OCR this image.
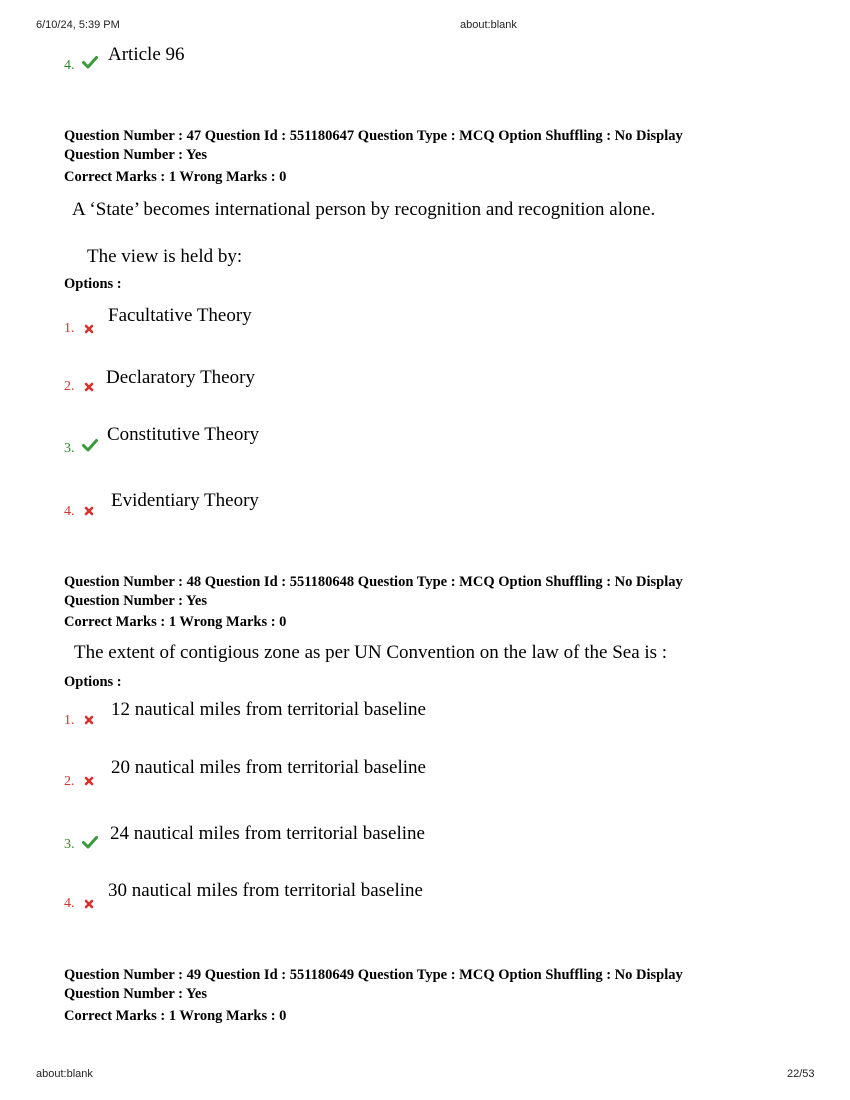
6/10/24, 5:39 PM	about:blank
4.
Article 96
Question Number : 47 Question Id : 551180647 Question Type : MCQ Option Shuffling : No Display
Question Number : Yes
Correct Marks : 1 Wrong Marks : 0
A ‘State’ becomes international person by recognition and recognition alone.
The view is held by:
Options :
1.
Facultative Theory
2. Declaratory Theory
3.
Constitutive Theory
4.
Evidentiary Theory
Question Number : 48 Question Id : 551180648 Question Type : MCQ Option Shuffling : No Display
Question Number : Yes
Correct Marks : 1 Wrong Marks : 0
The extent of contigious zone as per UN Convention on the law of the Sea is :
Options :
1.
12 nautical miles from territorial baseline
2.
20 nautical miles from territorial baseline
3.
24 nautical miles from territorial baseline
4.
30 nautical miles from territorial baseline
Question Number : 49 Question Id : 551180649 Question Type : MCQ Option Shuffling : No Display
Question Number : Yes
Correct Marks : 1 Wrong Marks : 0
about:blank	22/53
